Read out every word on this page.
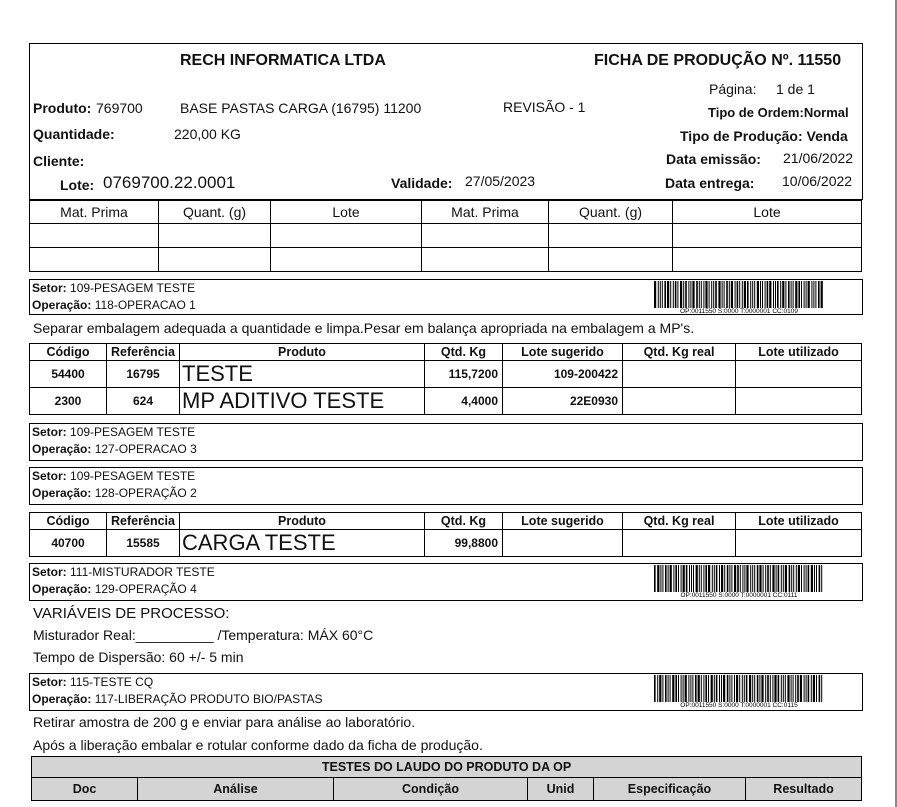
RECH INFORMATICA LTDA	FICHA DE PRODUÇÃO Nº. 11550
Página: 1 de 1
Produto: 769700	BASE PASTAS CARGA (16795) 11200	REVISÃO - 1	Tipo de Ordem:Normal
Quantidade:	220,00 KG	Tipo de Produção: Venda
Cliente:	Data emissão: 21/06/2022
Lote: 0769700.22.0001	Validade: 27/05/2023	Data entrega: 10/06/2022
Mat. Prima	Quant. (g)	Lote	Mat. Prima	Quant. (g)	Lote

Setor: 109-PESAGEM TESTE
Operação: 118-OPERACAO 1	OP:0011550 S:0000 T:0000001 CC:0109
Separar embalagem adequada a quantidade e limpa.Pesar em balança apropriada na embalagem a MP's.
Código	Referência	Produto	Qtd. Kg	Lote sugerido	Qtd. Kg real	Lote utilizado
54400	16795	TESTE	115,7200	109-200422		
2300	624	MP ADITIVO TESTE	4,4000	22E0930		
Setor: 109-PESAGEM TESTE
Operação: 127-OPERACAO 3
Setor: 109-PESAGEM TESTE
Operação: 128-OPERAÇÃO 2
Código	Referência	Produto	Qtd. Kg	Lote sugerido	Qtd. Kg real	Lote utilizado
40700	15585	CARGA TESTE	99,8800			
Setor: 111-MISTURADOR TESTE
Operação: 129-OPERAÇÃO 4	OP:0011550 S:0000 T:0000001 CC:0111
VARIÁVEIS DE PROCESSO:
Misturador Real:__________ /Temperatura: MÁX 60°C
Tempo de Dispersão: 60 +/- 5 min
Setor: 115-TESTE CQ
Operação: 117-LIBERAÇÃO PRODUTO BIO/PASTAS	OP:0011550 S:0000 T:0000001 CC:0115
Retirar amostra de 200 g e enviar para análise ao laboratório.
Após a liberação embalar e rotular conforme dado da ficha de produção.
TESTES DO LAUDO DO PRODUTO DA OP
Doc	Análise	Condição	Unid	Especificação	Resultado
